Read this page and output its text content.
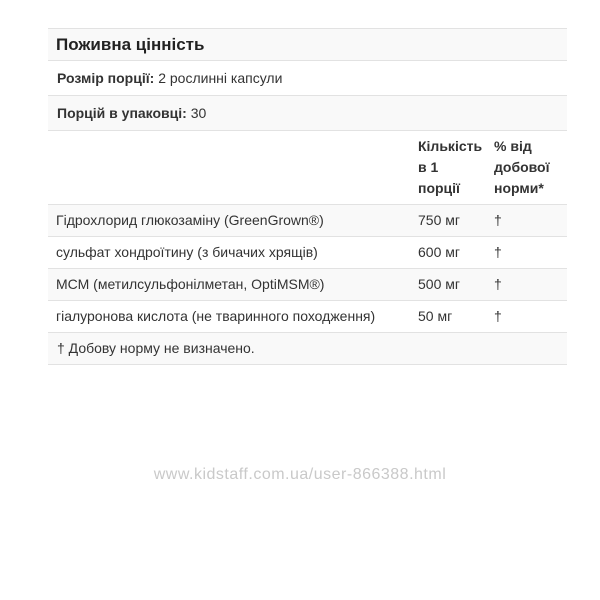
Поживна цінність		
Розмір порції: 2 рослинні капсули		
Порцій в упаковці: 30		
	Кількість в 1 порції	% від добової норми*
Гідрохлорид глюкозаміну (GreenGrown®)	750 мг	†
сульфат хондроїтину (з бичачих хрящів)	600 мг	†
МСМ (метилсульфонілметан, OptiMSM®)	500 мг	†
гіалуронова кислота (не тваринного походження)	50 мг	†
† Добову норму не визначено.		
www.kidstaff.com.ua/user-866388.html
